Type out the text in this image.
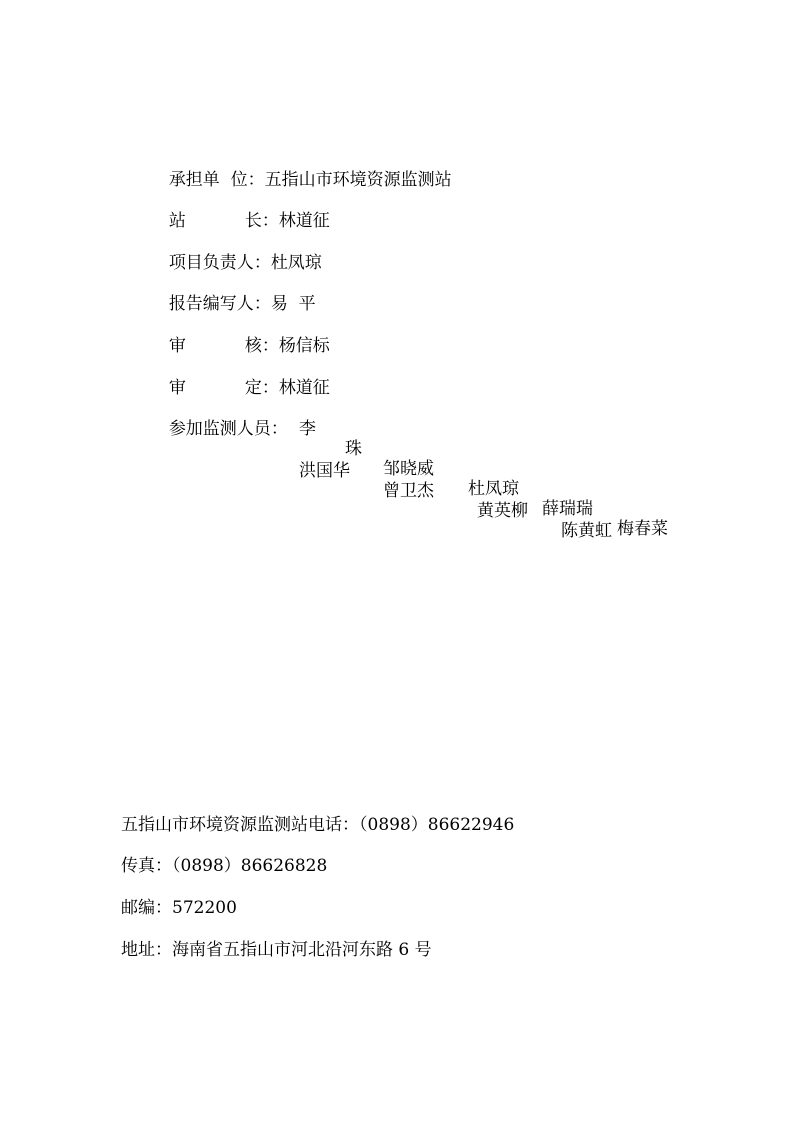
承担单  位：五指山市环境资源监测站

站	长：林道征

项目负责人：杜凤琼

报告编写人：易  平

审	核：杨信标

审	定：林道征

参加监测人员：

李

珠

邹晓威

杜凤琼

薛瑞瑞

梅春菜

洪国华

曾卫杰

黄英柳

陈黄虹

五指山市环境资源监测站电话：（0898）86622946
传真：（0898）86626828
邮编：572200
地址：海南省五指山市河北沿河东路 6 号
